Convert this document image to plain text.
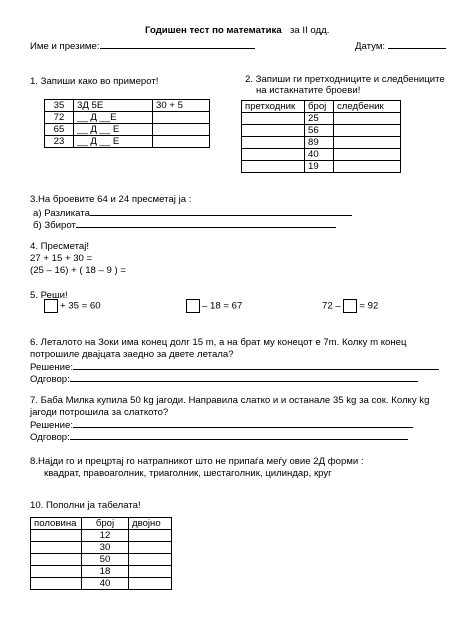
Годишен тест по математика за II одд.
Име и презиме:	Датум:
1. Запиши како во примерот!
35	3Д 5Е	30 + 5
72	__ Д __Е	
65	__ Д __ Е	
23	__ Д __ Е	
2. Запиши ги претходниците и следбениците
на истакнатите броеви!
претходник	број	следбеник
	25	
	56	
	89	
	40	
	19	
3.На броевите 64 и 24 пресметај ја :
а) Разликата
б) Збирот
4. Пресметај!
27 + 15 + 30 =
(25 – 16) + ( 18 – 9 ) =
5. Реши!
+ 35 = 60	– 18 = 67	72 – = 92
6. Летaлото на Зоки има конец долг 15 m, а на брат му конецот е 7m. Колку m конец
потрошиле двајцата заедно за двете летала?
Решение:
Одговор:
7. Баба Милка купила 50 kg јагоди. Направила слатко и и останале 35 kg за сок. Колку kg
јагоди потрошила за слаткото?
Решение:
Одговор:
8.Најди го и прецртај го натрапникот што не припаѓа меѓу овие 2Д форми :
квадрат, правоаголник, триаголник, шестаголник, цилиндар, круг
10. Пополни ја табелата!
половина	број	двојно
	12	
	30	
	50	
	18	
	40	
